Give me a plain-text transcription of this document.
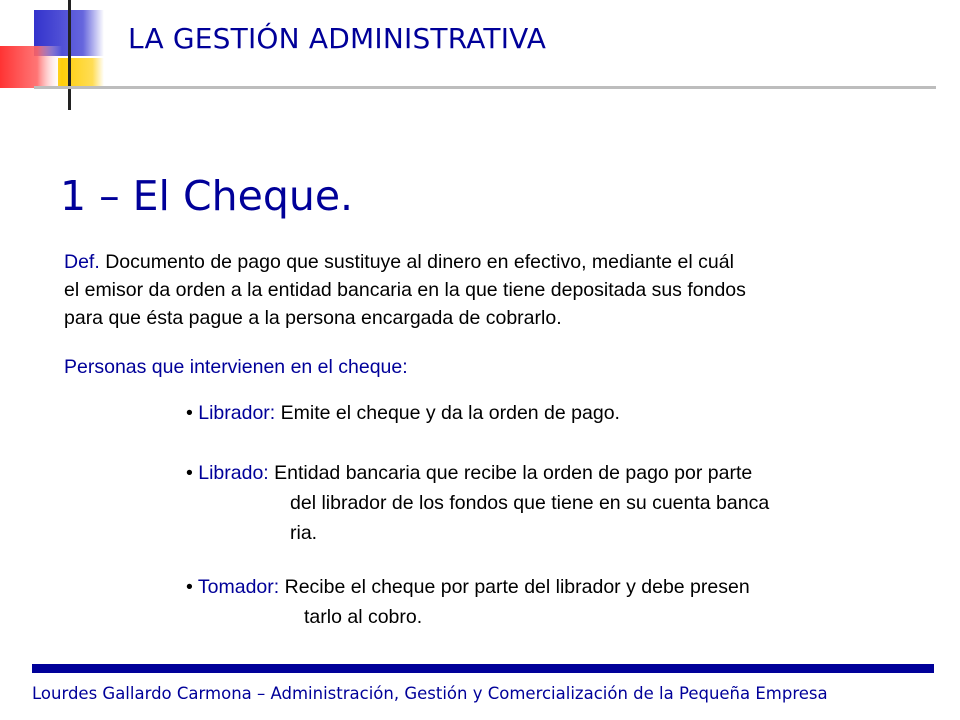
LA GESTIÓN ADMINISTRATIVA
1 – El Cheque.
Def. Documento de pago que sustituye al dinero en efectivo, mediante el cuál
el emisor da orden a la entidad bancaria en la que tiene depositada sus fondos
para que ésta pague a la persona encargada de cobrarlo.
Personas que intervienen en el cheque:
• Librador: Emite el cheque y da la orden de pago.
• Librado: Entidad bancaria que recibe la orden de pago por parte
del librador de los fondos que tiene en su cuenta banca
ria.
• Tomador: Recibe el cheque por parte del librador y debe presen
tarlo al cobro.
Lourdes Gallardo Carmona – Administración, Gestión y Comercialización de la Pequeña Empresa
